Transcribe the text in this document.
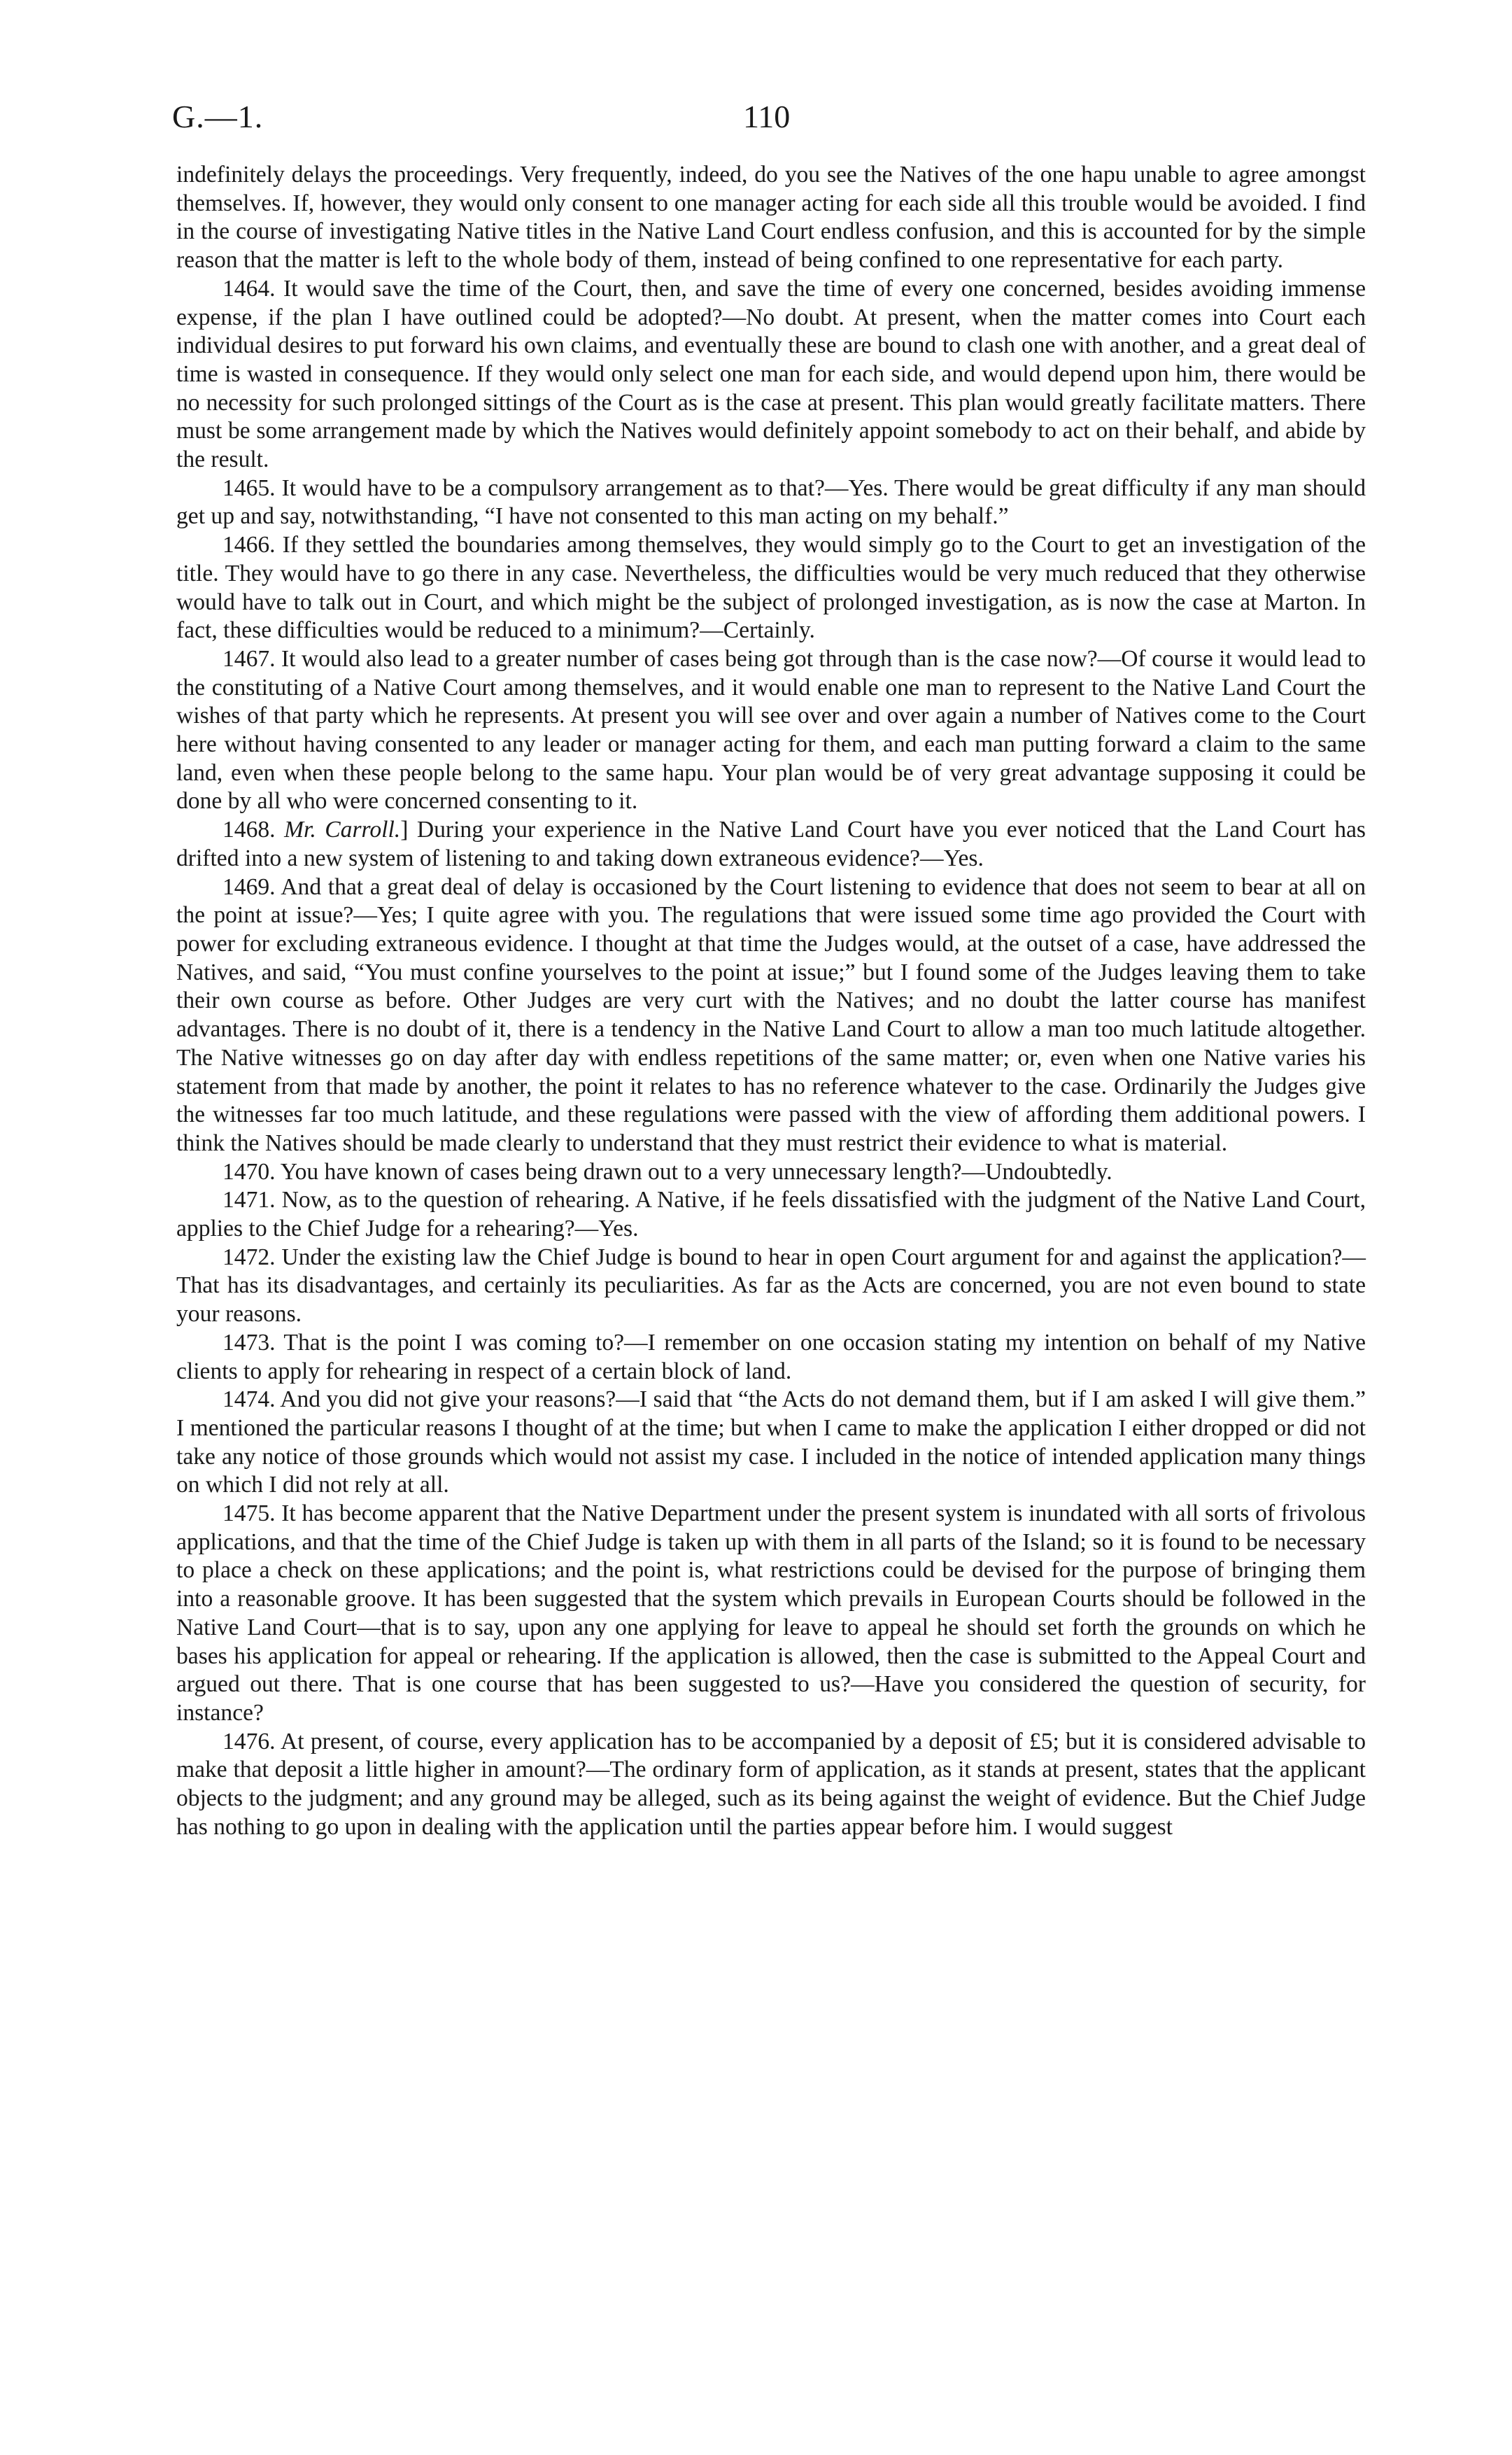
G.—1.	110

indefinitely delays the proceedings. Very frequently, indeed, do you see the Natives of the one hapu unable to agree amongst themselves. If, however, they would only consent to one manager acting for each side all this trouble would be avoided. I find in the course of investigating Native titles in the Native Land Court endless confusion, and this is accounted for by the simple reason that the matter is left to the whole body of them, instead of being confined to one representative for each party.

1464. It would save the time of the Court, then, and save the time of every one concerned, besides avoiding immense expense, if the plan I have outlined could be adopted?—No doubt. At present, when the matter comes into Court each individual desires to put forward his own claims, and eventually these are bound to clash one with another, and a great deal of time is wasted in consequence. If they would only select one man for each side, and would depend upon him, there would be no necessity for such prolonged sittings of the Court as is the case at present. This plan would greatly facilitate matters. There must be some arrangement made by which the Natives would definitely appoint somebody to act on their behalf, and abide by the result.

1465. It would have to be a compulsory arrangement as to that?—Yes. There would be great difficulty if any man should get up and say, notwithstanding, “I have not consented to this man acting on my behalf.”

1466. If they settled the boundaries among themselves, they would simply go to the Court to get an investigation of the title. They would have to go there in any case. Nevertheless, the difficulties would be very much reduced that they otherwise would have to talk out in Court, and which might be the subject of prolonged investigation, as is now the case at Marton. In fact, these difficulties would be reduced to a minimum?—Certainly.

1467. It would also lead to a greater number of cases being got through than is the case now?—Of course it would lead to the constituting of a Native Court among themselves, and it would enable one man to represent to the Native Land Court the wishes of that party which he represents. At present you will see over and over again a number of Natives come to the Court here without having consented to any leader or manager acting for them, and each man putting forward a claim to the same land, even when these people belong to the same hapu. Your plan would be of very great advantage supposing it could be done by all who were concerned consenting to it.

1468. Mr. Carroll.] During your experience in the Native Land Court have you ever noticed that the Land Court has drifted into a new system of listening to and taking down extraneous evidence?—Yes.

1469. And that a great deal of delay is occasioned by the Court listening to evidence that does not seem to bear at all on the point at issue?—Yes; I quite agree with you. The regulations that were issued some time ago provided the Court with power for excluding extraneous evidence. I thought at that time the Judges would, at the outset of a case, have addressed the Natives, and said, “You must confine yourselves to the point at issue;” but I found some of the Judges leaving them to take their own course as before. Other Judges are very curt with the Natives; and no doubt the latter course has manifest advantages. There is no doubt of it, there is a tendency in the Native Land Court to allow a man too much latitude altogether. The Native witnesses go on day after day with endless repetitions of the same matter; or, even when one Native varies his statement from that made by another, the point it relates to has no reference whatever to the case. Ordinarily the Judges give the witnesses far too much latitude, and these regulations were passed with the view of affording them additional powers. I think the Natives should be made clearly to understand that they must restrict their evidence to what is material.

1470. You have known of cases being drawn out to a very unnecessary length?—Undoubtedly.

1471. Now, as to the question of rehearing. A Native, if he feels dissatisfied with the judgment of the Native Land Court, applies to the Chief Judge for a rehearing?—Yes.

1472. Under the existing law the Chief Judge is bound to hear in open Court argument for and against the application?—That has its disadvantages, and certainly its peculiarities. As far as the Acts are concerned, you are not even bound to state your reasons.

1473. That is the point I was coming to?—I remember on one occasion stating my intention on behalf of my Native clients to apply for rehearing in respect of a certain block of land.

1474. And you did not give your reasons?—I said that “the Acts do not demand them, but if I am asked I will give them.” I mentioned the particular reasons I thought of at the time; but when I came to make the application I either dropped or did not take any notice of those grounds which would not assist my case. I included in the notice of intended application many things on which I did not rely at all.

1475. It has become apparent that the Native Department under the present system is inundated with all sorts of frivolous applications, and that the time of the Chief Judge is taken up with them in all parts of the Island; so it is found to be necessary to place a check on these applications; and the point is, what restrictions could be devised for the purpose of bringing them into a reasonable groove. It has been suggested that the system which prevails in European Courts should be followed in the Native Land Court—that is to say, upon any one applying for leave to appeal he should set forth the grounds on which he bases his application for appeal or rehearing. If the application is allowed, then the case is submitted to the Appeal Court and argued out there. That is one course that has been suggested to us?—Have you considered the question of security, for instance?

1476. At present, of course, every application has to be accompanied by a deposit of £5; but it is considered advisable to make that deposit a little higher in amount?—The ordinary form of application, as it stands at present, states that the applicant objects to the judgment; and any ground may be alleged, such as its being against the weight of evidence. But the Chief Judge has nothing to go upon in dealing with the application until the parties appear before him. I would suggest
